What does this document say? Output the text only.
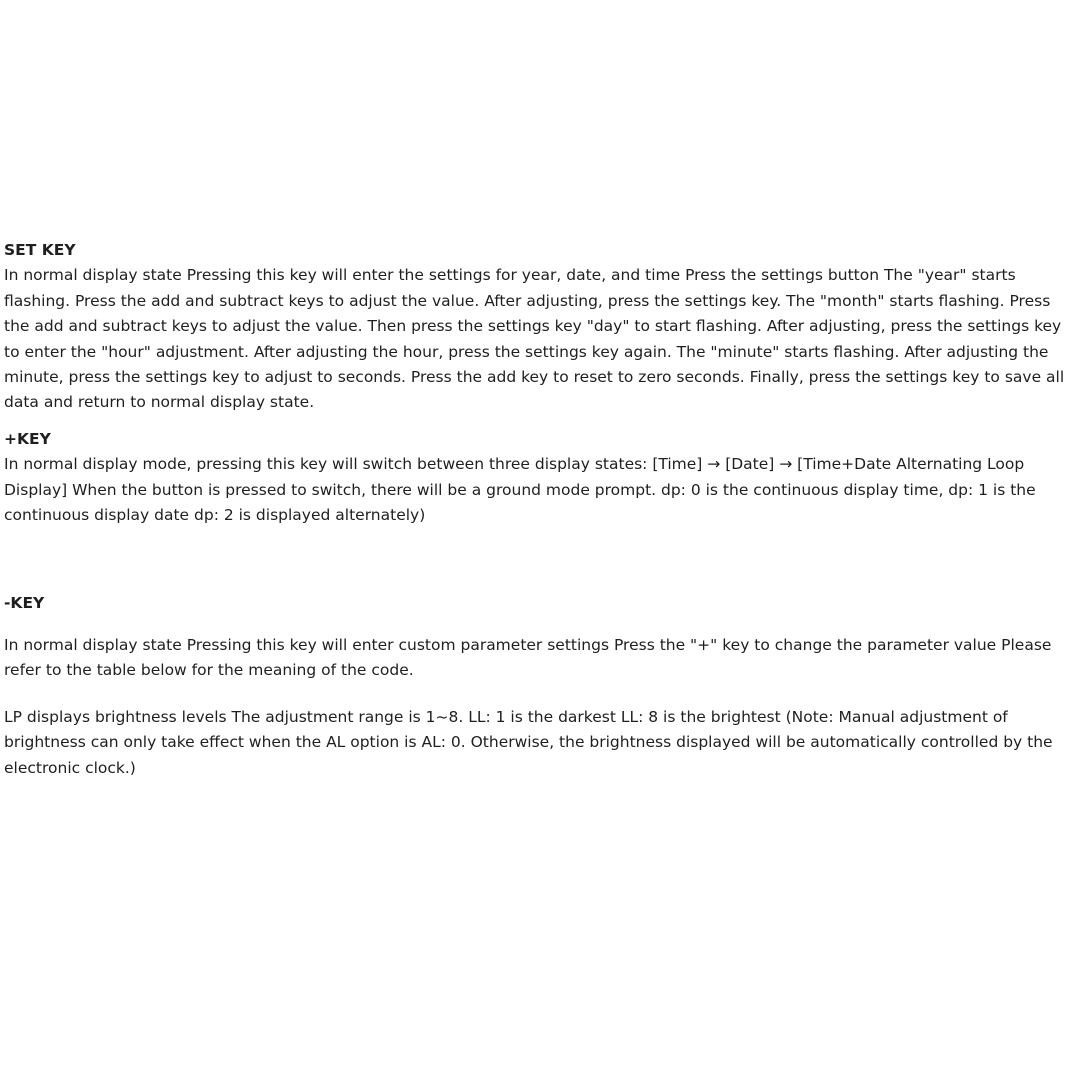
SET KEY

In normal display state Pressing this key will enter the settings for year, date, and time Press the settings button The "year" starts flashing. Press the add and subtract keys to adjust the value. After adjusting, press the settings key. The "month" starts flashing. Press the add and subtract keys to adjust the value. Then press the settings key "day" to start flashing. After adjusting, press the settings key to enter the "hour" adjustment. After adjusting the hour, press the settings key again. The "minute" starts flashing. After adjusting the minute, press the settings key to adjust to seconds. Press the add key to reset to zero seconds. Finally, press the settings key to save all data and return to normal display state.

+KEY

In normal display mode, pressing this key will switch between three display states: [Time] → [Date] → [Time+Date Alternating Loop Display] When the button is pressed to switch, there will be a ground mode prompt. dp: 0 is the continuous display time, dp: 1 is the continuous display date dp: 2 is displayed alternately)

-KEY

In normal display state Pressing this key will enter custom parameter settings Press the "+" key to change the parameter value Please refer to the table below for the meaning of the code.

LP displays brightness levels The adjustment range is 1~8. LL: 1 is the darkest LL: 8 is the brightest (Note: Manual adjustment of brightness can only take effect when the AL option is AL: 0. Otherwise, the brightness displayed will be automatically controlled by the electronic clock.)
